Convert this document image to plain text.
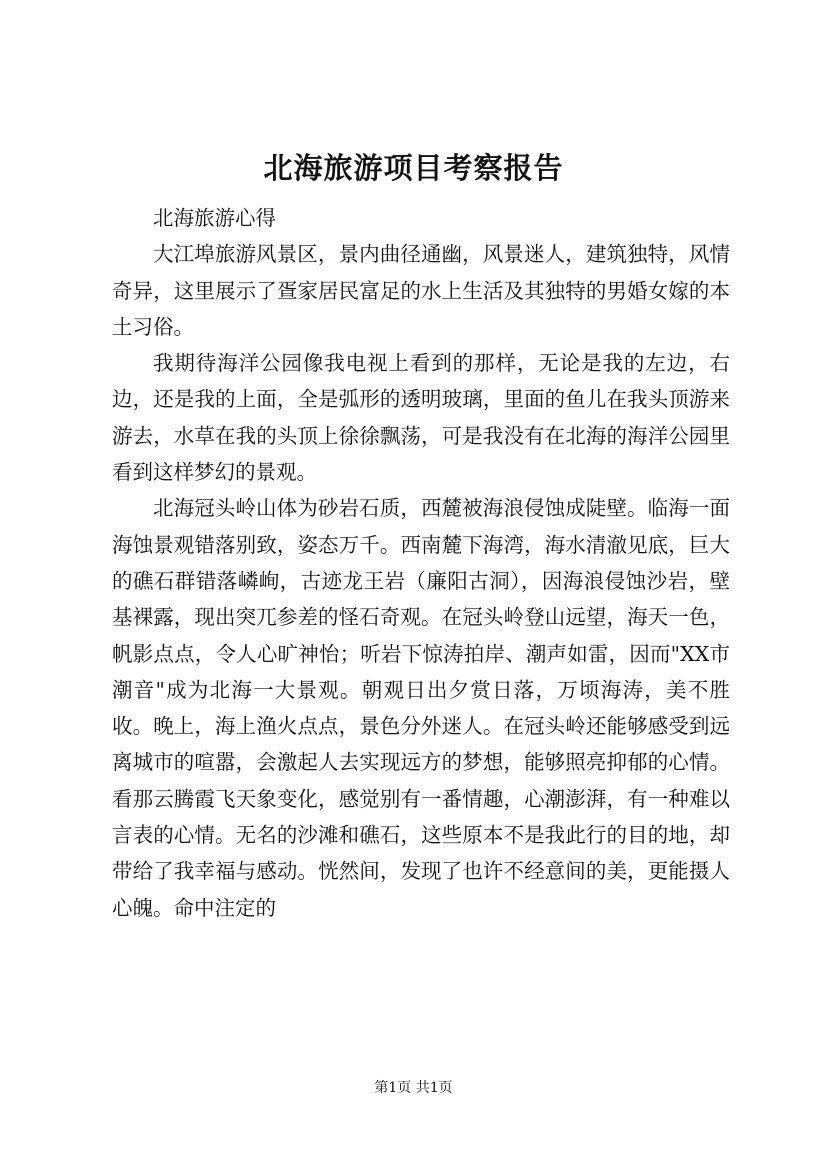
北海旅游项目考察报告

北海旅游心得

大江埠旅游风景区，景内曲径通幽，风景迷人，建筑独特，风情奇异，这里展示了疍家居民富足的水上生活及其独特的男婚女嫁的本土习俗。

我期待海洋公园像我电视上看到的那样，无论是我的左边，右边，还是我的上面，全是弧形的透明玻璃，里面的鱼儿在我头顶游来游去，水草在我的头顶上徐徐飘荡，可是我没有在北海的海洋公园里看到这样梦幻的景观。

北海冠头岭山体为砂岩石质，西麓被海浪侵蚀成陡壁。临海一面海蚀景观错落别致，姿态万千。西南麓下海湾，海水清澈见底，巨大的礁石群错落嶙峋，古迹龙王岩（廉阳古洞），因海浪侵蚀沙岩，壁基裸露，现出突兀参差的怪石奇观。在冠头岭登山远望，海天一色，帆影点点，令人心旷神怡；听岩下惊涛拍岸、潮声如雷，因而"XX市潮音"成为北海一大景观。朝观日出夕赏日落，万顷海涛，美不胜收。晚上，海上渔火点点，景色分外迷人。在冠头岭还能够感受到远离城市的喧嚣，会激起人去实现远方的梦想，能够照亮抑郁的心情。看那云腾霞飞天象变化，感觉别有一番情趣，心潮澎湃，有一种难以言表的心情。无名的沙滩和礁石，这些原本不是我此行的目的地，却带给了我幸福与感动。恍然间，发现了也许不经意间的美，更能摄人心魄。命中注定的

第1页 共1页
